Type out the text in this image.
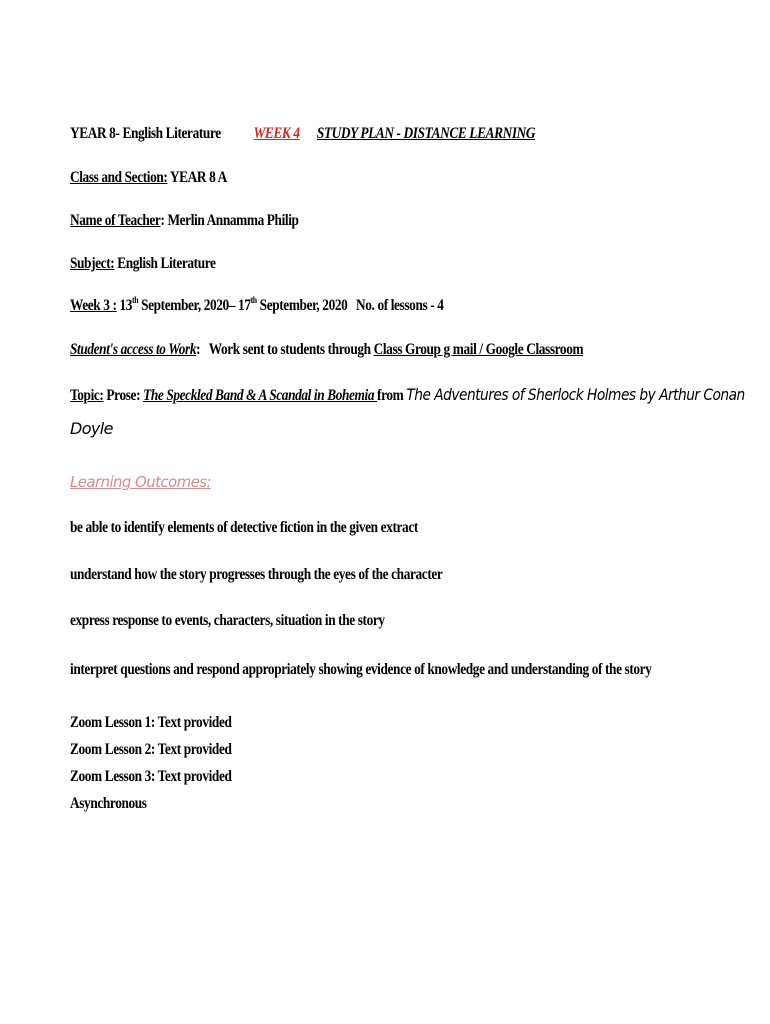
YEAR 8- English Literature WEEK 4 STUDY PLAN - DISTANCE LEARNING
Class and Section: YEAR 8 A
Name of Teacher: Merlin Annamma Philip
Subject: English Literature
Week 3 : 13th September, 2020– 17th September, 2020 No. of lessons - 4
Student's access to Work: Work sent to students through Class Group g mail / Google Classroom
Topic: Prose: The Speckled Band & A Scandal in Bohemia from The Adventures of Sherlock Holmes by Arthur Conan
Doyle
Learning Outcomes:
be able to identify elements of detective fiction in the given extract
understand how the story progresses through the eyes of the character
express response to events, characters, situation in the story
interpret questions and respond appropriately showing evidence of knowledge and understanding of the story
Zoom Lesson 1: Text provided
Zoom Lesson 2: Text provided
Zoom Lesson 3: Text provided
Asynchronous
